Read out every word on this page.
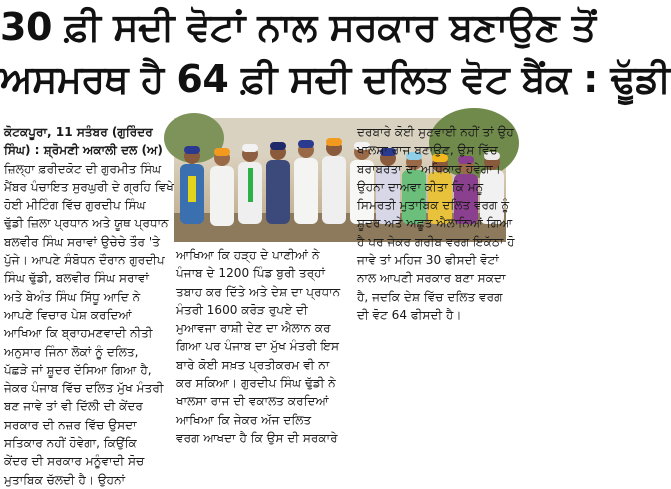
30 ਫ਼ੀ ਸਦੀ ਵੋਟਾਂ ਨਾਲ ਸਰਕਾਰ ਬਣਾਉਣ ਤੋਂ
ਅਸਮਰਥ ਹੈ 64 ਫ਼ੀ ਸਦੀ ਦਲਿਤ ਵੋਟ ਬੈਂਕ : ਢੂੱਡੀ

ਕੋਟਕਪੂਰਾ, 11 ਸਤੰਬਰ (ਗੁਰਿੰਦਰ

ਸਿੰਘ) : ਸ਼੍ਰੋਮਣੀ ਅਕਾਲੀ ਦਲ (ਅ)

ਜ਼ਿਲ੍ਹਾ ਫ਼ਰੀਦਕੋਟ ਦੀ ਗੁਰਮੀਤ ਸਿੰਘ

ਮੈਂਬਰ ਪੰਚਾਇਤ ਸੁਰਘੁਰੀ ਦੇ ਗ੍ਰਹਿ ਵਿਖੇ

ਹੋਈ ਮੀਟਿੰਗ ਵਿੱਚ ਗੁਰਦੀਪ ਸਿੰਘ

ਢੁੱਡੀ ਜ਼ਿਲਾ ਪ੍ਰਧਾਨ ਅਤੇ ਯੂਥ ਪ੍ਰਧਾਨ

ਬਲਵੀਰ ਸਿੰਘ ਸਰਾਵਾਂ ਉਚੇਚੇ ਤੌਰ 'ਤੇ

ਪੁੱਜੇ। ਆਪਣੇ ਸੰਬੋਧਨ ਦੌਰਾਨ ਗੁਰਦੀਪ

ਸਿੰਘ ਢੁੱਡੀ, ਬਲਵੀਰ ਸਿੰਘ ਸਰਾਵਾਂ

ਅਤੇ ਬੇਅੰਤ ਸਿੰਘ ਸਿੱਧੂ ਆਦਿ ਨੇ

ਆਪਣੇ ਵਿਚਾਰ ਪੇਸ਼ ਕਰਦਿਆਂ

ਆਖਿਆ ਕਿ ਬ੍ਰਾਹਮਣਵਾਦੀ ਨੀਤੀ

ਅਨੁਸਾਰ ਜਿੰਨਾ ਲੋਕਾਂ ਨੂੰ ਦਲਿਤ,

ਪੱਛੜੇ ਜਾਂ ਸ਼ੂਦਰ ਦੱਸਿਆ ਗਿਆ ਹੈ,

ਜੇਕਰ ਪੰਜਾਬ ਵਿੱਚ ਦਲਿਤ ਮੁੱਖ ਮੰਤਰੀ

ਬਣ ਜਾਵੇ ਤਾਂ ਵੀ ਦਿੱਲੀ ਦੀ ਕੇਂਦਰ

ਸਰਕਾਰ ਦੀ ਨਜ਼ਰ ਵਿੱਚ ਉਸਦਾ

ਸਤਿਕਾਰ ਨਹੀਂ ਹੋਵੇਗਾ, ਕਿਉਂਕਿ

ਕੇਂਦਰ ਦੀ ਸਰਕਾਰ ਮਨੂੰਵਾਦੀ ਸੋਚ

ਮੁਤਾਬਿਕ ਚੱਲਦੀ ਹੈ। ਉਹਨਾਂ

ਆਖਿਆ ਕਿ ਹੜ੍ਹ ਦੇ ਪਾਣੀਆਂ ਨੇ

ਪੰਜਾਬ ਦੇ 1200 ਪਿੰਡ ਬੁਰੀ ਤਰ੍ਹਾਂ

ਤਬਾਹ ਕਰ ਦਿੱਤੇ ਅਤੇ ਦੇਸ਼ ਦਾ ਪ੍ਰਧਾਨ

ਮੰਤਰੀ 1600 ਕਰੋੜ ਰੁਪਏ ਦੀ

ਮੁਆਵਜਾ ਰਾਸ਼ੀ ਦੇਣ ਦਾ ਐਲਾਨ ਕਰ

ਗਿਆ ਪਰ ਪੰਜਾਬ ਦਾ ਮੁੱਖ ਮੰਤਰੀ ਇਸ

ਬਾਰੇ ਕੋਈ ਸਖ਼ਤ ਪ੍ਰਤੀਕਰਮ ਵੀ ਨਾ

ਕਰ ਸਕਿਆ। ਗੁਰਦੀਪ ਸਿੰਘ ਢੁੱਡੀ ਨੇ

ਖਾਲਸਾ ਰਾਜ ਦੀ ਵਕਾਲਤ ਕਰਦਿਆਂ

ਆਖਿਆ ਕਿ ਜੇਕਰ ਅੱਜ ਦਲਿਤ

ਵਰਗ ਆਖਦਾ ਹੈ ਕਿ ਉਸ ਦੀ ਸਰਕਾਰੇ

ਦਰਬਾਰੇ ਕੋਈ ਸੁਣਵਾਈ ਨਹੀਂ ਤਾਂ ਉਹ

ਖਾਲਸਾ ਰਾਜ ਬਣਾਉਣ, ਉਸ ਵਿੱਚ

ਬਰਾਬਰਤਾ ਦਾ ਅਧਿਕਾਰ ਹੋਵੇਗਾ।

ਉਹਨਾ ਦਾਅਵਾ ਕੀਤਾ ਕਿ ਮਨੂ

ਸਿਮਰਤੀ ਮੁਤਾਬਿਕ ਦਲਿਤ ਵਰਗ ਨੂੰ

ਸ਼ੂਦਰ ਅਤੇ ਅਛੂਤ ਐਲਾਨਿਆਂ ਗਿਆ

ਹੈ ਪਰ ਜੇਕਰ ਗਰੀਬ ਵਰਗ ਇਕੱਠਾ ਹੋ

ਜਾਵੇ ਤਾਂ ਮਹਿਜ 30 ਫੀਸਦੀ ਵੋਟਾਂ

ਨਾਲ ਆਪਣੀ ਸਰਕਾਰ ਬਣਾ ਸਕਦਾ

ਹੈ, ਜਦਕਿ ਦੇਸ਼ ਵਿੱਚ ਦਲਿਤ ਵਰਗ

ਦੀ ਵੋਟ 64 ਫੀਸਦੀ ਹੈ।
